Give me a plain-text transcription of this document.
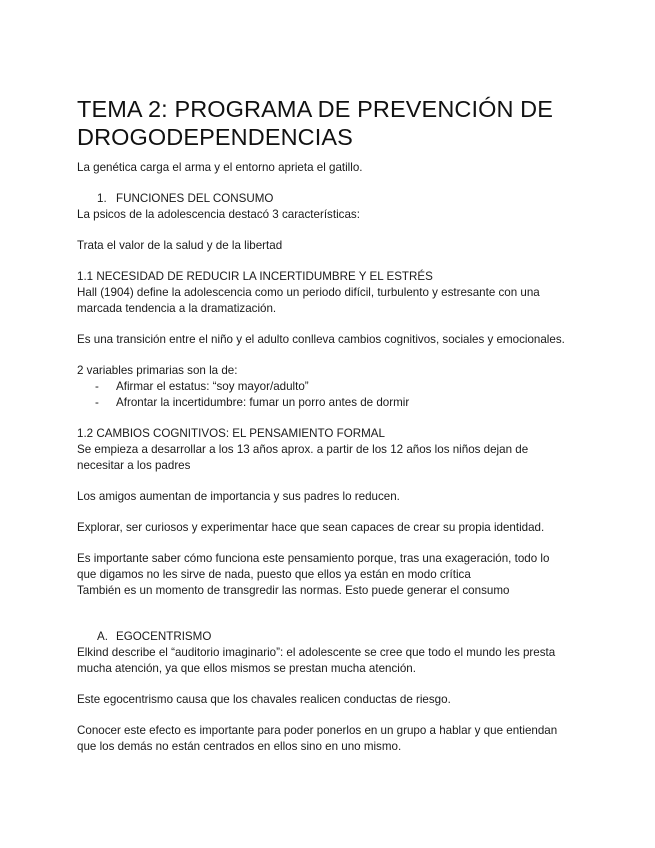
TEMA 2: PROGRAMA DE PREVENCIÓN DE
DROGODEPENDENCIAS
La genética carga el arma y el entorno aprieta el gatillo.
1. FUNCIONES DEL CONSUMO
La psicos de la adolescencia destacó 3 características:
Trata el valor de la salud y de la libertad
1.1 NECESIDAD DE REDUCIR LA INCERTIDUMBRE Y EL ESTRÉS
Hall (1904) define la adolescencia como un periodo difícil, turbulento y estresante con una
marcada tendencia a la dramatización.
Es una transición entre el niño y el adulto conlleva cambios cognitivos, sociales y emocionales.
2 variables primarias son la de:
- Afirmar el estatus: “soy mayor/adulto”
- Afrontar la incertidumbre: fumar un porro antes de dormir
1.2 CAMBIOS COGNITIVOS: EL PENSAMIENTO FORMAL
Se empieza a desarrollar a los 13 años aprox. a partir de los 12 años los niños dejan de
necesitar a los padres
Los amigos aumentan de importancia y sus padres lo reducen.
Explorar, ser curiosos y experimentar hace que sean capaces de crear su propia identidad.
Es importante saber cómo funciona este pensamiento porque, tras una exageración, todo lo
que digamos no les sirve de nada, puesto que ellos ya están en modo crítica
También es un momento de transgredir las normas. Esto puede generar el consumo
A. EGOCENTRISMO
Elkind describe el “auditorio imaginario”: el adolescente se cree que todo el mundo les presta
mucha atención, ya que ellos mismos se prestan mucha atención.
Este egocentrismo causa que los chavales realicen conductas de riesgo.
Conocer este efecto es importante para poder ponerlos en un grupo a hablar y que entiendan
que los demás no están centrados en ellos sino en uno mismo.
